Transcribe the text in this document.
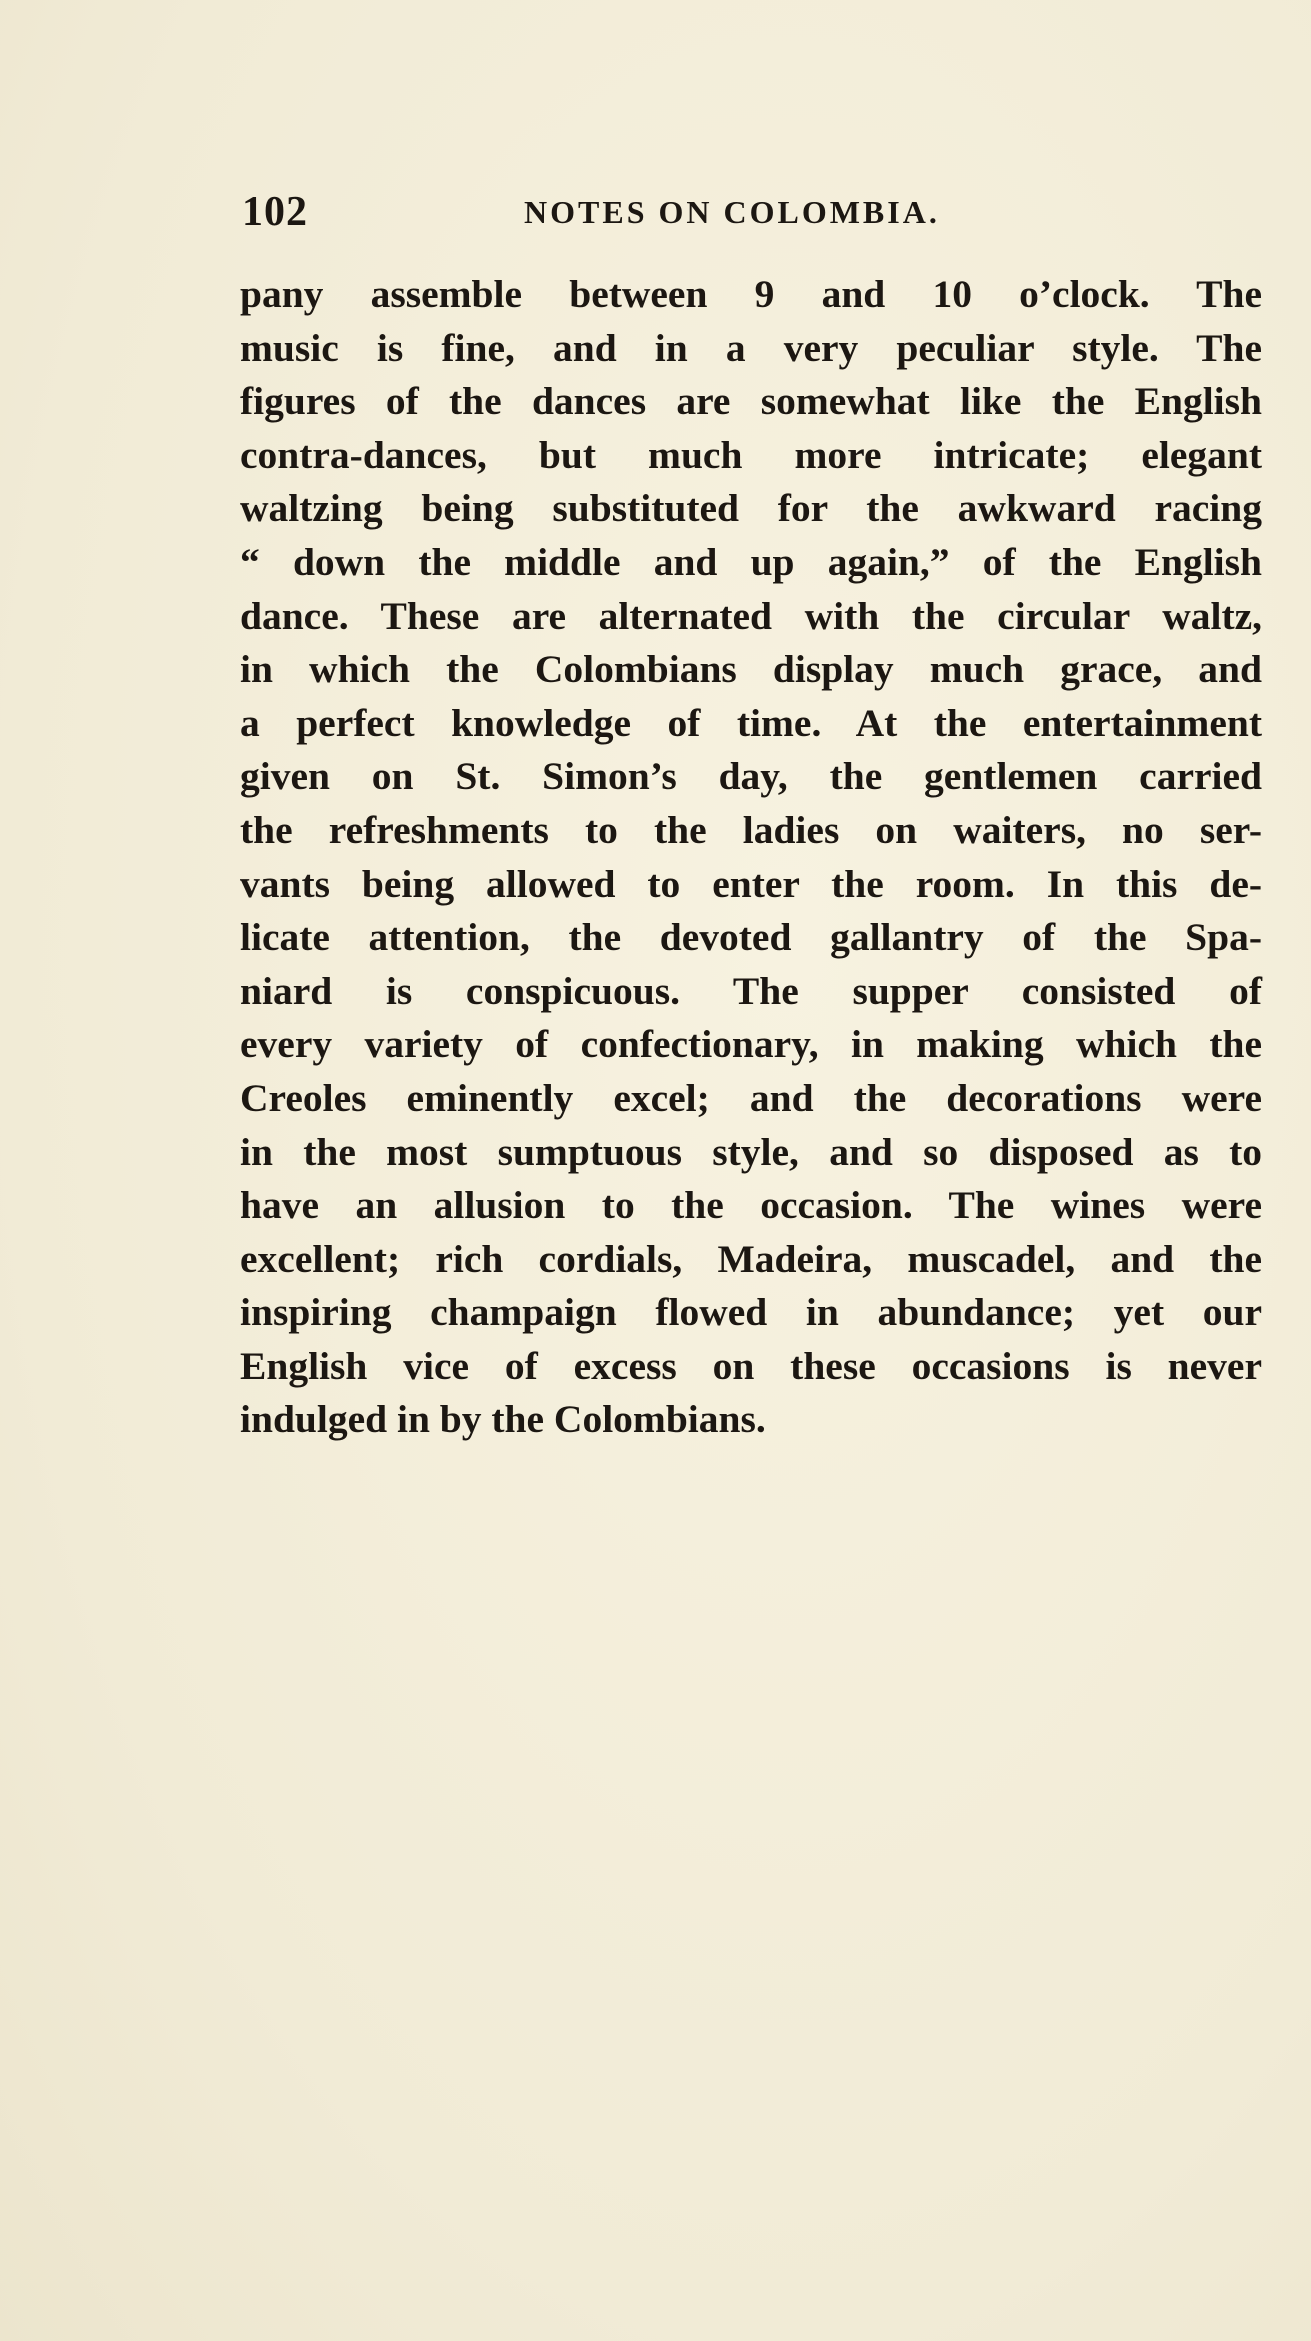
102	NOTES ON COLOMBIA.
pany assemble between 9 and 10 o’clock. The
music is fine, and in a very peculiar style. The
figures of the dances are somewhat like the English
contra-dances, but much more intricate; elegant
waltzing being substituted for the awkward racing
“ down the middle and up again,” of the English
dance. These are alternated with the circular waltz,
in which the Colombians display much grace, and
a perfect knowledge of time. At the entertainment
given on St. Simon’s day, the gentlemen carried
the refreshments to the ladies on waiters, no ser-
vants being allowed to enter the room. In this de-
licate attention, the devoted gallantry of the Spa-
niard is conspicuous. The supper consisted of
every variety of confectionary, in making which the
Creoles eminently excel; and the decorations were
in the most sumptuous style, and so disposed as to
have an allusion to the occasion. The wines were
excellent; rich cordials, Madeira, muscadel, and the
inspiring champaign flowed in abundance; yet our
English vice of excess on these occasions is never
indulged in by the Colombians.
